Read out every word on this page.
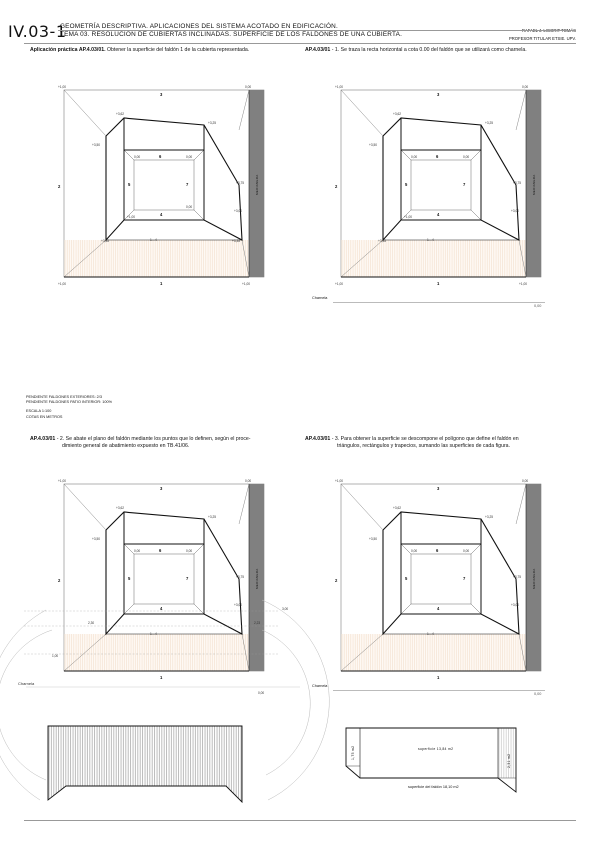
IV.03-1
GEOMETRÍA DESCRIPTIVA. APLICACIONES DEL SISTEMA ACOTADO EN EDIFICACIÓN.
TEMA 03. RESOLUCIÓN DE CUBIERTAS INCLINADAS. SUPERFICIE DE LOS FALDONES DE UNA CUBIERTA.
RAFAEL J. LIGORIT TOMÁS
PROFESOR TITULAR ETSIE. UPV.
Aplicación práctica AP.4.03/01. Obtener la superficie del faldón 1 de la cubierta representada.	AP.4.03/01 - 1. Se traza la recta horizontal a cota 0.00 del faldón que se utilizará como charnela.
AP.4.03/01 - 2. Se abate el plano del faldón mediante los puntos que lo definen, según el proce-
dimiento general de abatimiento expuesto en TB.41/06.
AP.4.03/01 - 3. Para obtener la superficie se descompone el polígono que define el faldón en
triángulos, rectángulos y trapecios, sumando las superficies de cada figura.
PENDIENTE FALDONES EXTERIORES: 2/3
PENDIENTE FALDONES PATIO INTERIOR: 100%
ESCALA 1:100
COTAS EN METROS
+1,00	0,00
+1,00	+1,00
+3,50
+3,62
+3,25
+3,75
+3,00
+3,35	+3,35
0,00	0,00
0,00
+1,00
1—4
3
2
1
6
5	7
4
MEDIANERA
+1,00	0,00
+1,00	+1,00
+3,50
+3,62
+3,25
+3,75
+3,00
+3,35
0,00	0,00
+1,00
1—4
3
2
1
6
5	7
4
MEDIANERA
Charnela
0,00
+1,00	0,00
+3,50
+3,62
+3,25
+3,75
+3,00
0,00	0,00
1—4
3
2
1
6
5	7
4
MEDIANERA
3,00
2,30	2,23
1,00
Charnela
0,00
+1,00	0,00
+3,50
+3,62
+3,25
+3,75
+3,00
0,00	0,00
1—4
3
2
1
6
5	7
4
MEDIANERA
Charnela
0,00
1,75 m2
2,31 m2
superficie 13,84 m2
superficie del faldón 18,10 m2
